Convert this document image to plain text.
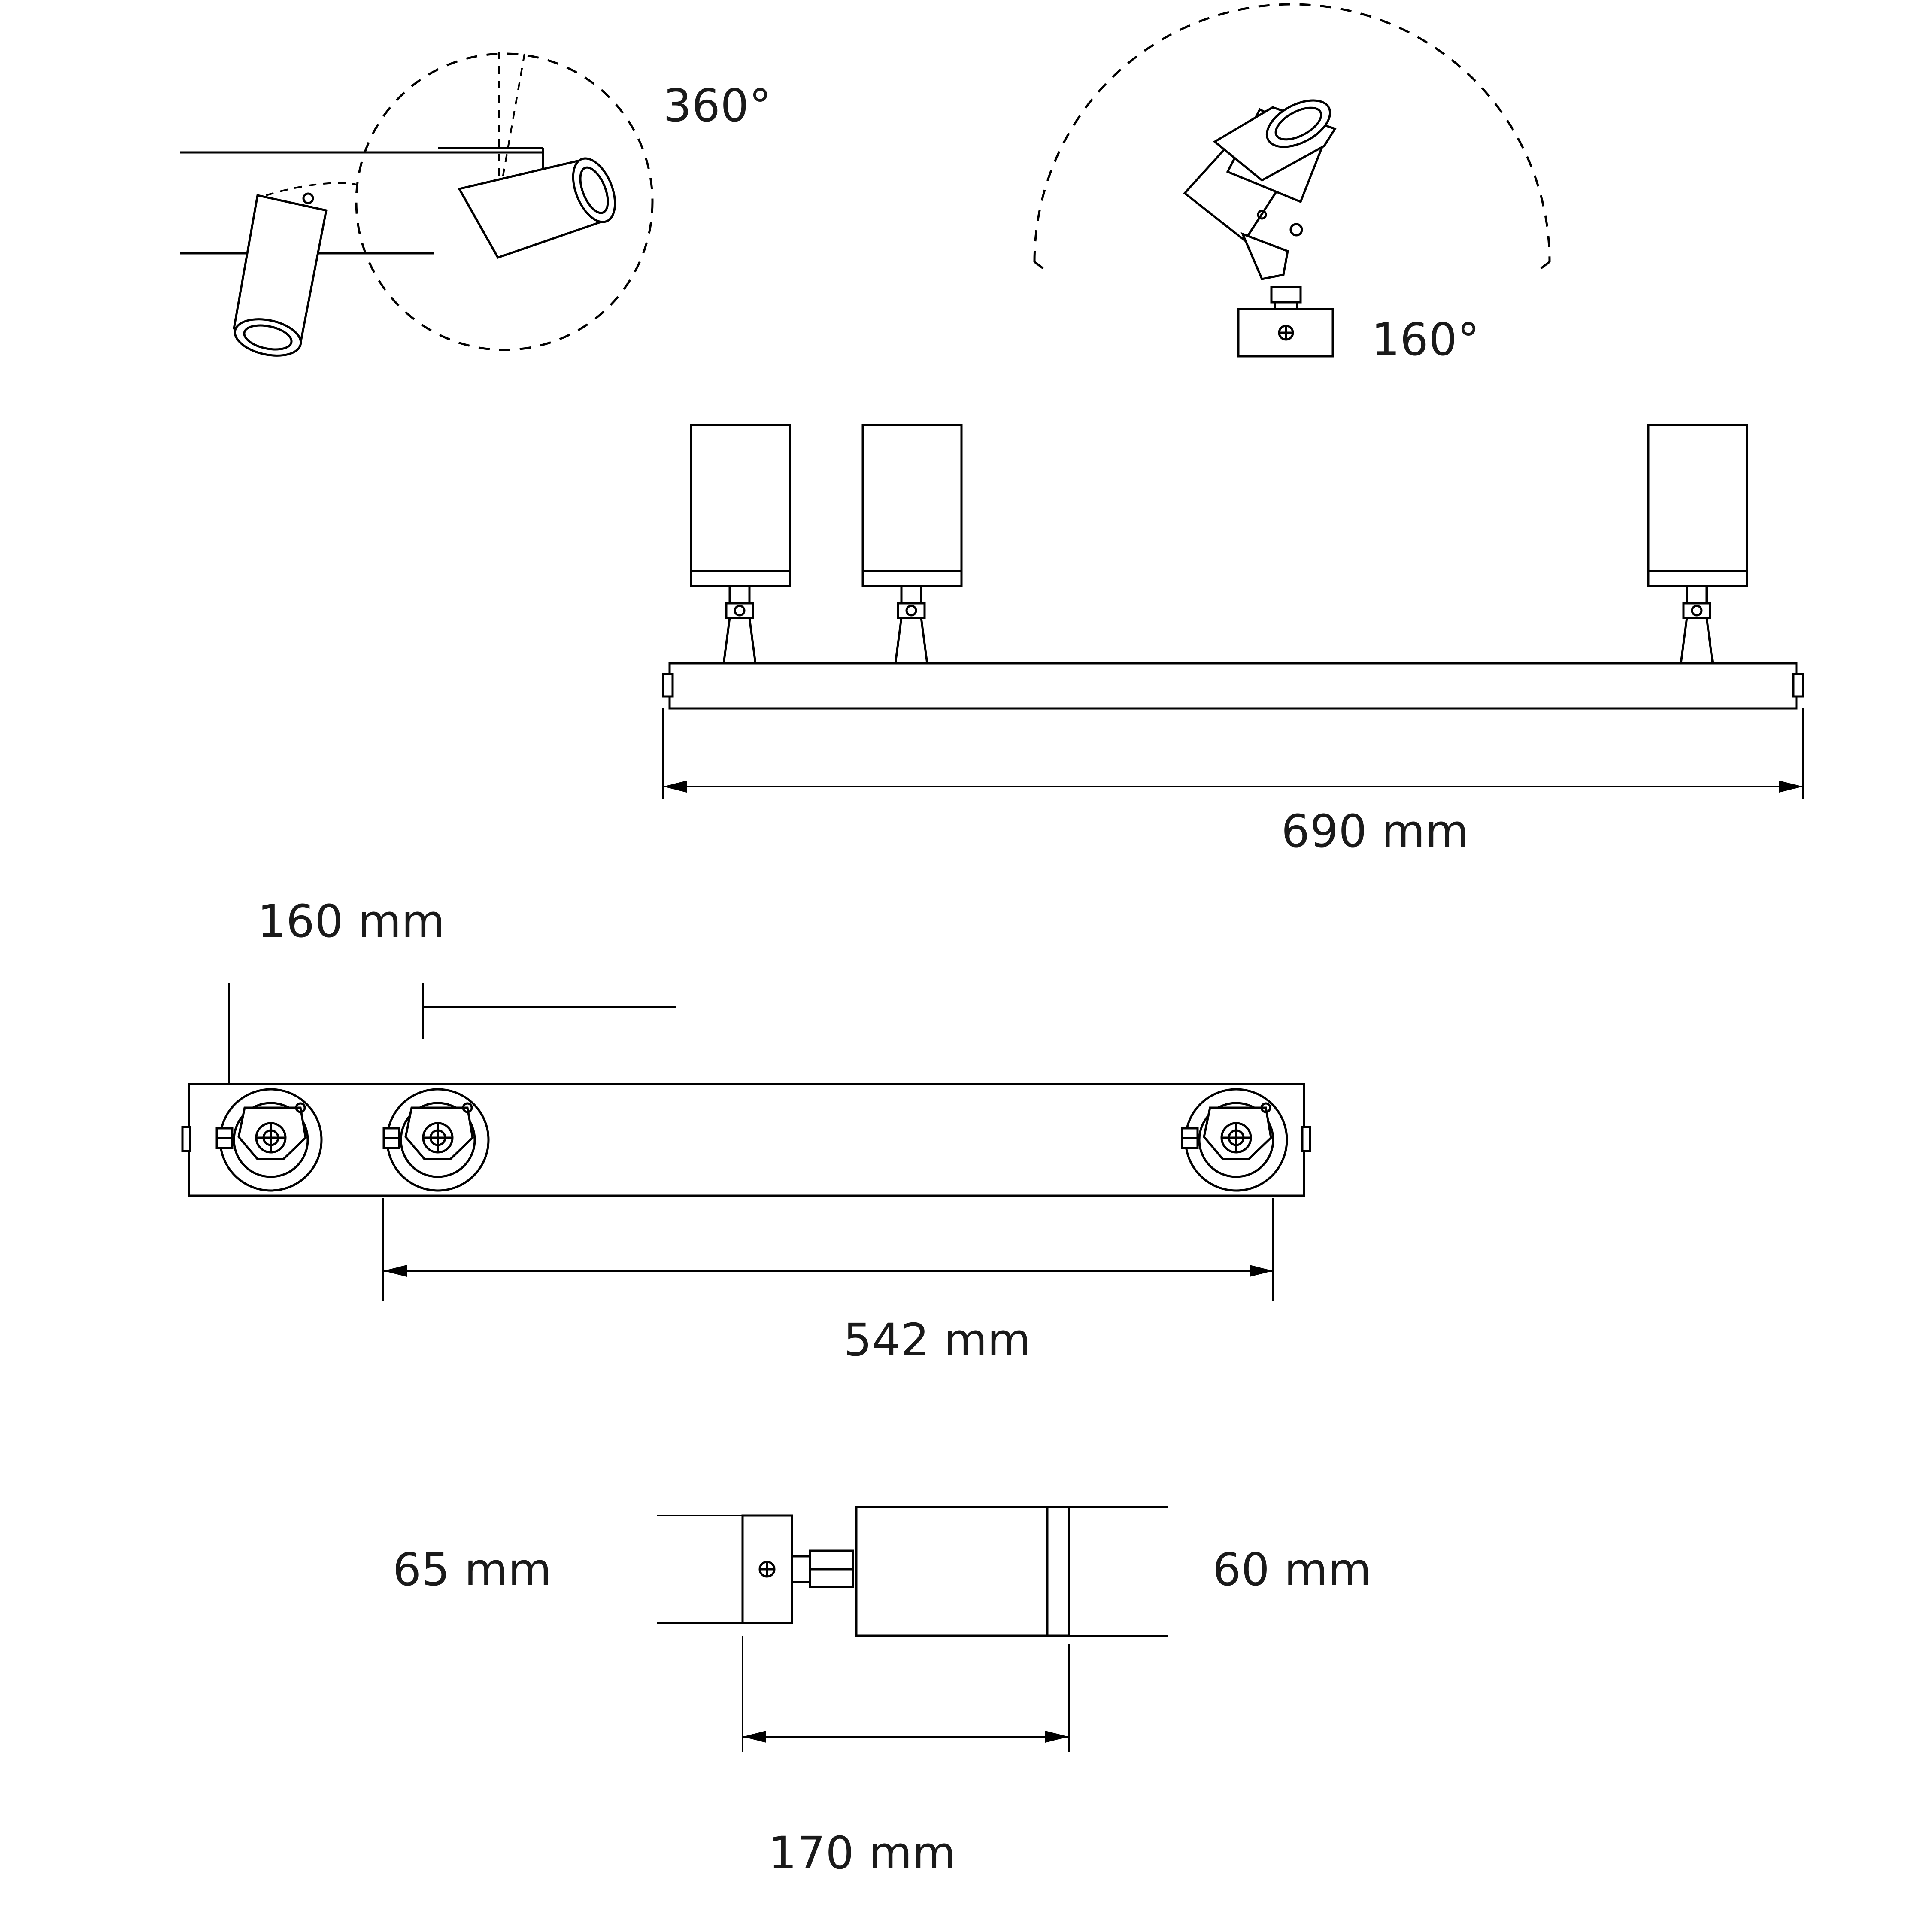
360°
160°
690 mm
160 mm
542 mm
65 mm	60 mm
170 mm
